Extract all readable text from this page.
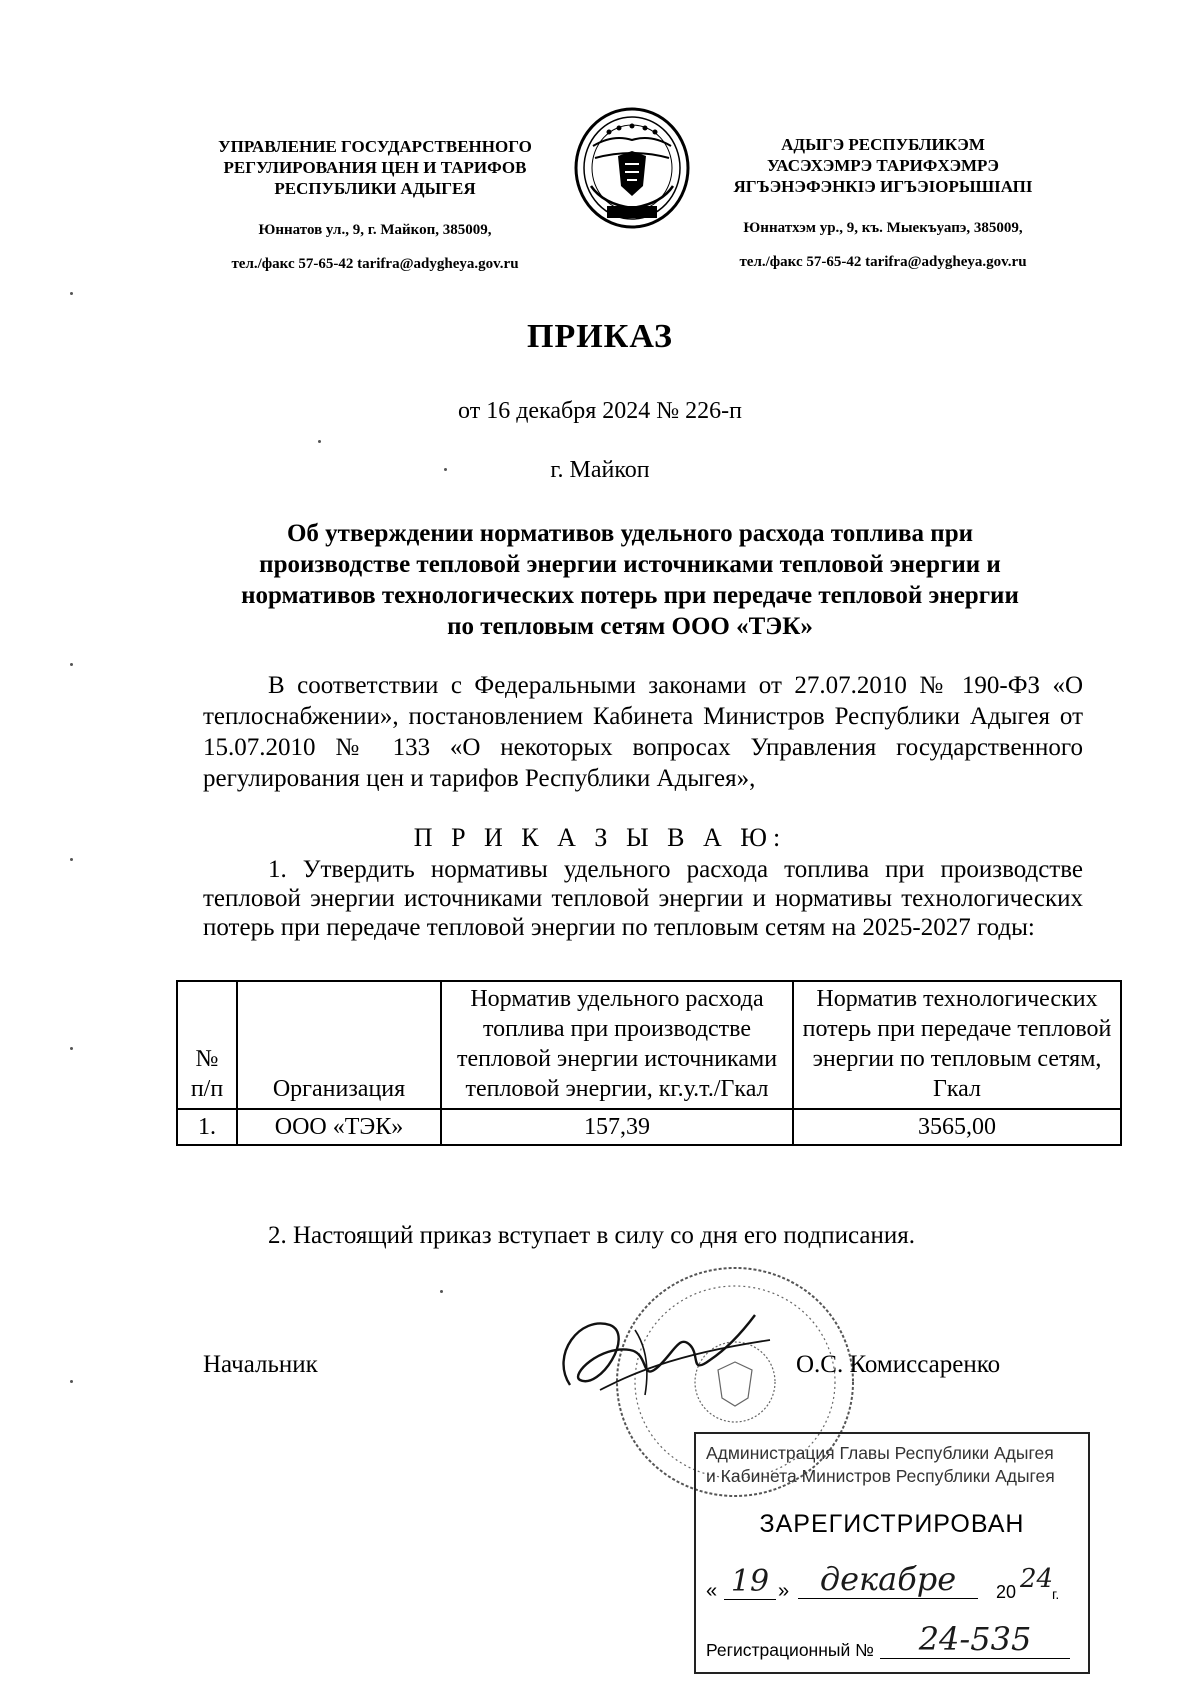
УПРАВЛЕНИЕ ГОСУДАРСТВЕННОГО
РЕГУЛИРОВАНИЯ ЦЕН И ТАРИФОВ
РЕСПУБЛИКИ АДЫГЕЯ
Юннатов ул., 9, г. Майкоп, 385009,
тел./факс 57-65-42 tarifra@adygheya.gov.ru
АДЫГЭ РЕСПУБЛИКЭМ
УАСЭХЭМРЭ ТАРИФХЭМРЭ
ЯГЪЭНЭФЭНКIЭ ИГЪЭIОРЫШIАПI
Юннатхэм ур., 9, къ. Мыекъуапэ, 385009,
тел./факс 57-65-42 tarifra@adygheya.gov.ru
ПРИКАЗ
от 16 декабря 2024 № 226-п
г. Майкоп
Об утверждении нормативов удельного расхода топлива при
производстве тепловой энергии источниками тепловой энергии и
нормативов технологических потерь при передаче тепловой энергии
по тепловым сетям ООО «ТЭК»

В соответствии с Федеральными законами от 27.07.2010 № 190-ФЗ «О теплоснабжении», постановлением Кабинета Министров Республики Адыгея от 15.07.2010 № 133 «О некоторых вопросах Управления государственного регулирования цен и тарифов Республики Адыгея»,

П Р И К А З Ы В А Ю:

1. Утвердить нормативы удельного расхода топлива при производстве тепловой энергии источниками тепловой энергии и нормативы технологических потерь при передаче тепловой энергии по тепловым сетям на 2025-2027 годы:

№ п/п	Организация	Норматив удельного расхода топлива при производстве тепловой энергии источниками тепловой энергии, кг.у.т./Гкал	Норматив технологических потерь при передаче тепловой энергии по тепловым сетям, Гкал
1.	ООО «ТЭК»	157,39	3565,00
2. Настоящий приказ вступает в силу со дня его подписания.
Начальник	О.С. Комиссаренко
Администрация Главы Республики Адыгея
и Кабинета Министров Республики Адыгея
ЗАРЕГИСТРИРОВАН
« 19 » декабре	20 24
г.
Регистрационный №	24-535
